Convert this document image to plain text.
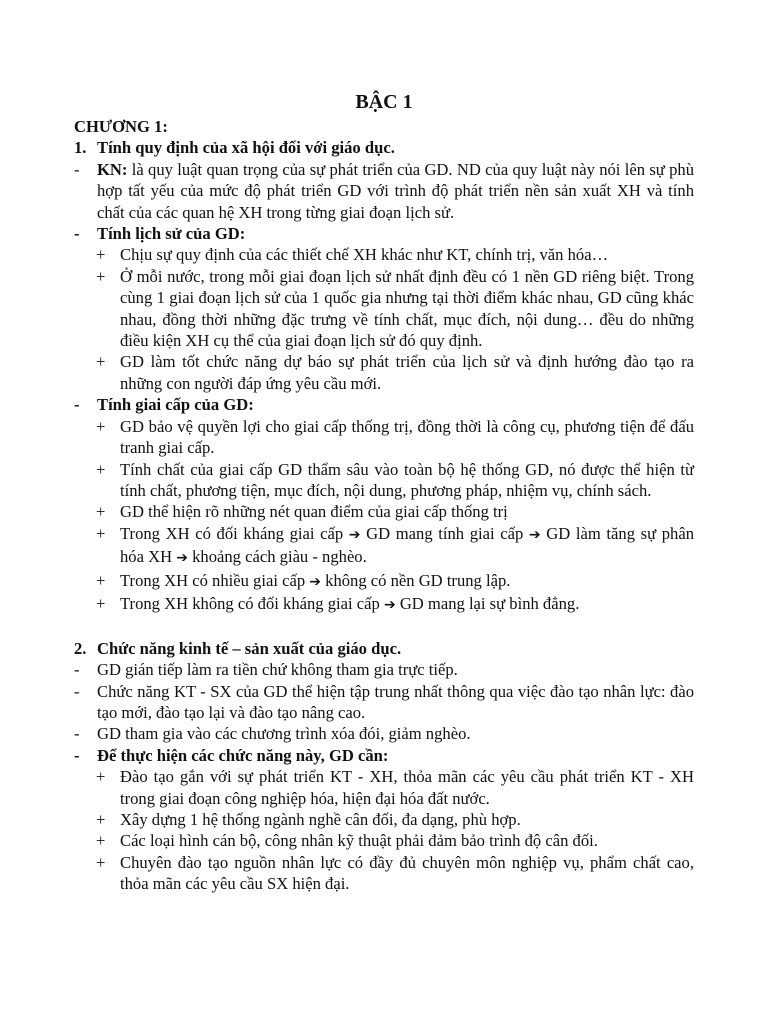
BẬC 1
CHƯƠNG 1:
1. Tính quy định của xã hội đối với giáo dục.
- KN: là quy luật quan trọng của sự phát triển của GD. ND của quy luật này nói lên sự phù hợp tất yếu của mức độ phát triển GD với trình độ phát triển nền sản xuất XH và tính chất của các quan hệ XH trong từng giai đoạn lịch sử.
- Tính lịch sử của GD:
+ Chịu sự quy định của các thiết chế XH khác như KT, chính trị, văn hóa…
+ Ở mỗi nước, trong mỗi giai đoạn lịch sử nhất định đều có 1 nền GD riêng biệt. Trong cùng 1 giai đoạn lịch sử của 1 quốc gia nhưng tại thời điểm khác nhau, GD cũng khác nhau, đồng thời những đặc trưng về tính chất, mục đích, nội dung… đều do những điều kiện XH cụ thể của giai đoạn lịch sử đó quy định.
+ GD làm tốt chức năng dự báo sự phát triển của lịch sử và định hướng đào tạo ra những con người đáp ứng yêu cầu mới.
- Tính giai cấp của GD:
+ GD bảo vệ quyền lợi cho giai cấp thống trị, đồng thời là công cụ, phương tiện để đấu tranh giai cấp.
+ Tính chất của giai cấp GD thẩm sâu vào toàn bộ hệ thống GD, nó được thể hiện từ tính chất, phương tiện, mục đích, nội dung, phương pháp, nhiệm vụ, chính sách.
+ GD thể hiện rõ những nét quan điểm của giai cấp thống trị
+ Trong XH có đối kháng giai cấp ➔ GD mang tính giai cấp ➔ GD làm tăng sự phân hóa XH ➔ khoảng cách giàu - nghèo.
+ Trong XH có nhiều giai cấp ➔ không có nền GD trung lập.
+ Trong XH không có đối kháng giai cấp ➔ GD mang lại sự bình đẳng.
2. Chức năng kinh tế – sản xuất của giáo dục.
- GD gián tiếp làm ra tiền chứ không tham gia trực tiếp.
- Chức năng KT - SX của GD thể hiện tập trung nhất thông qua việc đào tạo nhân lực: đào tạo mới, đào tạo lại và đào tạo nâng cao.
- GD tham gia vào các chương trình xóa đói, giảm nghèo.
- Để thực hiện các chức năng này, GD cần:
+ Đào tạo gắn với sự phát triển KT - XH, thỏa mãn các yêu cầu phát triển KT - XH trong giai đoạn công nghiệp hóa, hiện đại hóa đất nước.
+ Xây dựng 1 hệ thống ngành nghề cân đối, đa dạng, phù hợp.
+ Các loại hình cán bộ, công nhân kỹ thuật phải đảm bảo trình độ cân đối.
+ Chuyên đào tạo nguồn nhân lực có đầy đủ chuyên môn nghiệp vụ, phẩm chất cao, thỏa mãn các yêu cầu SX hiện đại.
